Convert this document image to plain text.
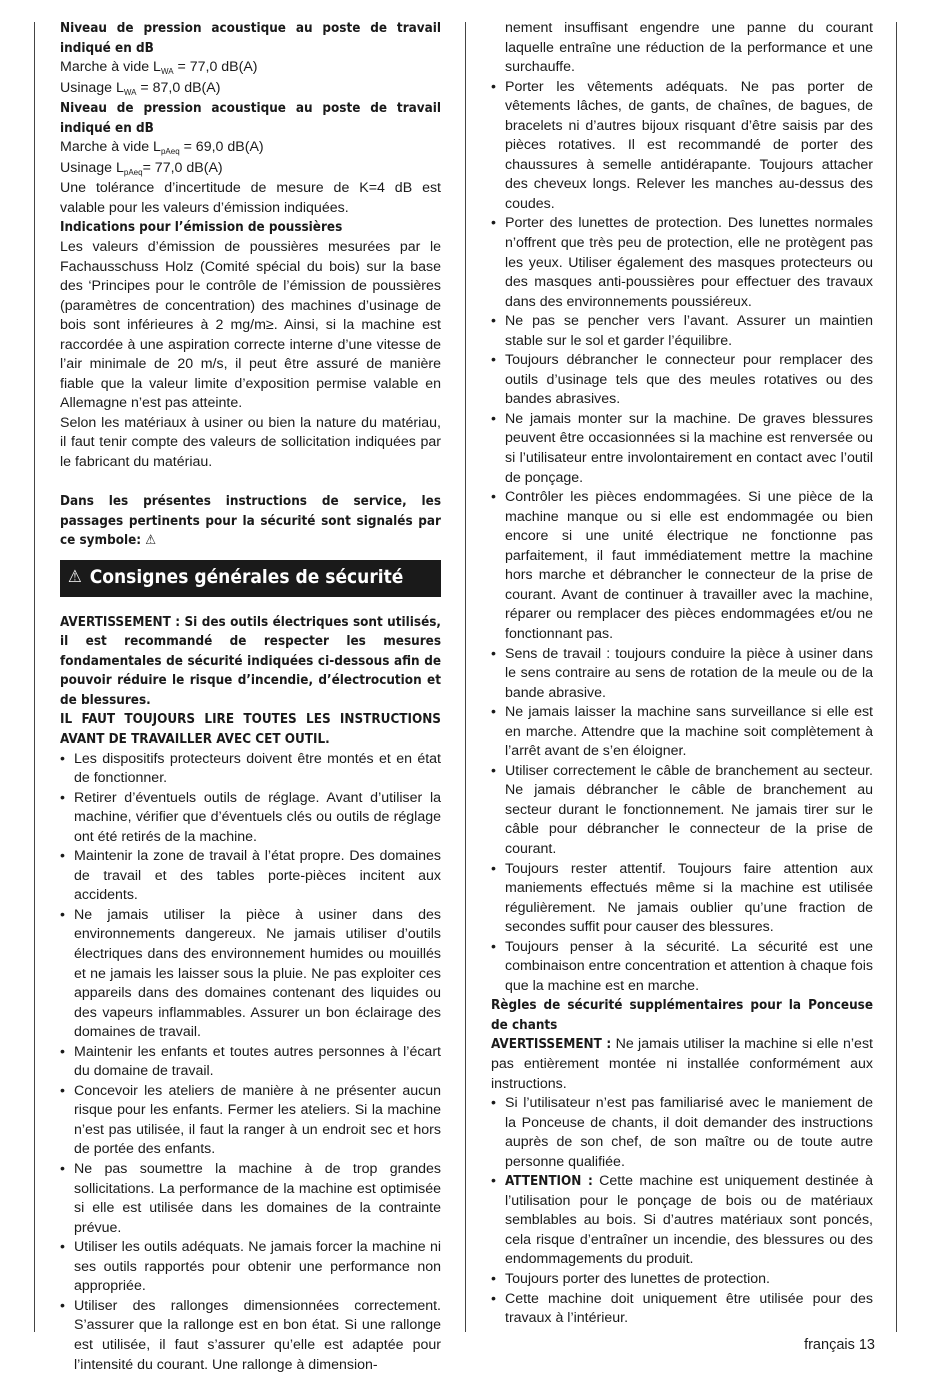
Niveau de pression acoustique au poste de travail indiqué en dB

Marche à vide $L_{WA} = 77,0$ dB(A)

Usinage $L_{WA} = 87,0$ dB(A)

Niveau de pression acoustique au poste de travail indiqué en dB

Marche à vide $L_{pAeq} = 69,0$ dB(A)

Usinage $L_{pAeq}= 77,0$ dB(A)

Une tolérance d’incertitude de mesure de K=4 dB est valable pour les valeurs d’émission indiquées.

Indications pour l’émission de poussières

Les valeurs d’émission de poussières mesurées par le Fachausschuss Holz (Comité spécial du bois) sur la base des ‘Principes pour le contrôle de l’émission de poussières (paramètres de concentration) des machines d’usinage de bois sont inférieures à 2 mg/m≥. Ainsi, si la machine est raccordée à une aspiration correcte interne d’une vitesse de l’air minimale de 20 m/s, il peut être assuré de manière fiable que la valeur limite d’exposition permise valable en Allemagne n’est pas atteinte.

Selon les matériaux à usiner ou bien la nature du matériau, il faut tenir compte des valeurs de sollicitation indiquées par le fabricant du matériau.

Dans les présentes instructions de service, les passages pertinents pour la sécurité sont signalés par ce symbole: ⚠

⚠ Consignes générales de sécurité

AVERTISSEMENT : Si des outils électriques sont utilisés, il est recommandé de respecter les mesures fondamentales de sécurité indiquées ci-dessous afin de pouvoir réduire le risque d’incendie, d’électrocution et de blessures.

IL FAUT TOUJOURS LIRE TOUTES LES INSTRUCTIONS AVANT DE TRAVAILLER AVEC CET OUTIL.

• Les dispositifs protecteurs doivent être montés et en état de fonctionner.
• Retirer d’éventuels outils de réglage. Avant d’utiliser la machine, vérifier que d’éventuels clés ou outils de réglage ont été retirés de la machine.
• Maintenir la zone de travail à l’état propre. Des domaines de travail et des tables porte-pièces incitent aux accidents.
• Ne jamais utiliser la pièce à usiner dans des environnements dangereux. Ne jamais utiliser d’outils électriques dans des environnement humides ou mouillés et ne jamais les laisser sous la pluie. Ne pas exploiter ces appareils dans des domaines contenant des liquides ou des vapeurs inflammables. Assurer un bon éclairage des domaines de travail.
• Maintenir les enfants et toutes autres personnes à l’écart du domaine de travail.
• Concevoir les ateliers de manière à ne présenter aucun risque pour les enfants. Fermer les ateliers. Si la machine n’est pas utilisée, il faut la ranger à un endroit sec et hors de portée des enfants.
• Ne pas soumettre la machine à de trop grandes sollicitations. La performance de la machine est optimisée si elle est utilisée dans les domaines de la contrainte prévue.
• Utiliser les outils adéquats. Ne jamais forcer la machine ni ses outils rapportés pour obtenir une performance non appropriée.
• Utiliser des rallonges dimensionnées correctement. S’assurer que la rallonge est en bon état. Si une rallonge est utilisée, il faut s’assurer qu’elle est adaptée pour l’intensité du courant. Une rallonge à dimension-

nement insuffisant engendre une panne du courant laquelle entraîne une réduction de la performance et une surchauffe.

• Porter les vêtements adéquats. Ne pas porter de vêtements lâches, de gants, de chaînes, de bagues, de bracelets ni d’autres bijoux risquant d’être saisis par des pièces rotatives. Il est recommandé de porter des chaussures à semelle antidérapante. Toujours attacher des cheveux longs. Relever les manches au-dessus des coudes.
• Porter des lunettes de protection. Des lunettes normales n’offrent que très peu de protection, elle ne protègent pas les yeux. Utiliser également des masques protecteurs ou des masques anti-poussières pour effectuer des travaux dans des environnements poussiéreux.
• Ne pas se pencher vers l’avant. Assurer un maintien stable sur le sol et garder l’équilibre.
• Toujours débrancher le connecteur pour remplacer des outils d’usinage tels que des meules rotatives ou des bandes abrasives.
• Ne jamais monter sur la machine. De graves blessures peuvent être occasionnées si la machine est renversée ou si l’utilisateur entre involontairement en contact avec l’outil de ponçage.
• Contrôler les pièces endommagées. Si une pièce de la machine manque ou si elle est endommagée ou bien encore si une unité électrique ne fonctionne pas parfaitement, il faut immédiatement mettre la machine hors marche et débrancher le connecteur de la prise de courant. Avant de continuer à travailler avec la machine, réparer ou remplacer des pièces endommagées et/ou ne fonctionnant pas.
• Sens de travail : toujours conduire la pièce à usiner dans le sens contraire au sens de rotation de la meule ou de la bande abrasive.
• Ne jamais laisser la machine sans surveillance si elle est en marche. Attendre que la machine soit complètement à l’arrêt avant de s’en éloigner.
• Utiliser correctement le câble de branchement au secteur. Ne jamais débrancher le câble de branchement au secteur durant le fonctionnement. Ne jamais tirer sur le câble pour débrancher le connecteur de la prise de courant.
• Toujours rester attentif. Toujours faire attention aux maniements effectués même si la machine est utilisée régulièrement. Ne jamais oublier qu’une fraction de secondes suffit pour causer des blessures.
• Toujours penser à la sécurité. La sécurité est une combinaison entre concentration et attention à chaque fois que la machine est en marche.

Règles de sécurité supplémentaires pour la Ponceuse de chants

AVERTISSEMENT : Ne jamais utiliser la machine si elle n’est pas entièrement montée ni installée conformément aux instructions.

• Si l’utilisateur n’est pas familiarisé avec le maniement de la Ponceuse de chants, il doit demander des instructions auprès de son chef, de son maître ou de toute autre personne qualifiée.
• ATTENTION : Cette machine est uniquement destinée à l’utilisation pour le ponçage de bois ou de matériaux semblables au bois. Si d’autres matériaux sont poncés, cela risque d’entraîner un incendie, des blessures ou des endommagements du produit.
• Toujours porter des lunettes de protection.
• Cette machine doit uniquement être utilisée pour des travaux à l’intérieur.
français 13
